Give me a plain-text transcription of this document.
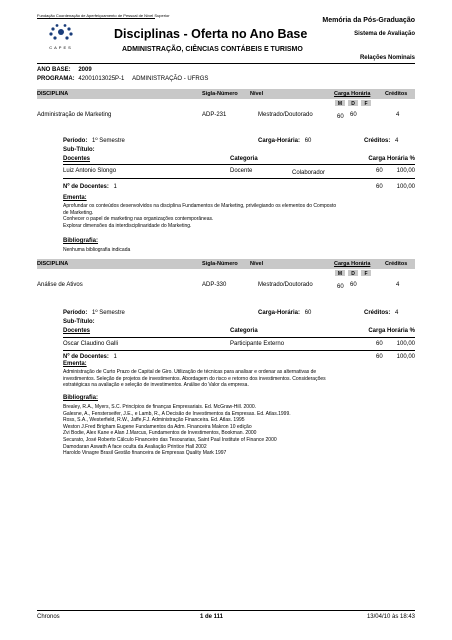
Fundação Coordenação de Aperfeiçoamento de Pessoal de Nível Superior
CAPES
Disciplinas - Oferta no Ano Base
ADMINISTRAÇÃO, CIÊNCIAS CONTÁBEIS E TURISMO
Memória da Pós-Graduação
Sistema de Avaliação
Relações Nominais
ANO BASE: 2009
PROGRAMA: 42001013025P-1 ADMINISTRAÇÃO - UFRGS
DISCIPLINA	Sigla-Número Nível	Carga Horária	Créditos
M	D	F
Administração de Marketing	ADP-231	Mestrado/Doutorado	60 60	4
Período: 1º Semestre	Carga-Horária: 60	Créditos: 4
Sub-Título:
Docentes	Categoria	Carga Horária %
Luiz Antonio Slongo	Docente	Colaborador	60 100,00
Nº de Docentes: 1	60 100,00
Ementa:
Aprofundar os conteúdos desenvolvidos na disciplina Fundamentos de Marketing, privilegiando os elementos do Composto
de Marketing.
Conhecer o papel de marketing nas organizações contemporâneas.
Explorar dimensões da interdisciplinaridade do Marketing.
Bibliografia:
Nenhuma bibliografia indicada
DISCIPLINA	Sigla-Número Nível	Carga Horária	Créditos
M	D	F
Análise de Ativos	ADP-330	Mestrado/Doutorado	60 60	4
Período: 1º Semestre	Carga-Horária: 60	Créditos: 4
Sub-Título:
Docentes	Categoria	Carga Horária %
Oscar Claudino Galli	Participante Externo	60 100,00
Nº de Docentes: 1	60 100,00
Ementa:
Administração de Curto Prazo de Capital de Giro. Utilização de técnicas para analisar e ordenar as alternativas de
investimentos. Seleção de projetos de investimentos. Abordagem do risco e retorno dos investimentos. Considerações
estratégicas na avaliação e seleção de investimentos. Análise do Valor da empresa.
Bibliografia:
Brealey, R.A., Myers, S.C. Princípios de finanças Empresariais. Ed. McGraw-Hill. 2000.
Galesne, A., Fensterseifer, J.E., e Lamb, R., A Decisão de Investimentos da Empresas. Ed. Atlas.1999.
Ross, S.A., Westerfield, R.W., Jaffe,F.J. Administração Financeira. Ed. Atlas. 1995
Weston J.Fred Brigham Eugene Fundamentos da Adm. Financeira Makron 10 edição
Zvi Bodie, Alex Kane e Alan J.Marcus, Fundamentos de Investimentos, Bookman. 2000
Securato, José Roberto Cálculo Financeiro das Tesourarias, Saint Paul Institute of Finance 2000
Damodaran Aswath A face oculta da Avaliação Printice Hall 2002
Haroldo Vinagre Brasil Gestão financeira de Empresas Quality Mark 1997
Chronos	1 de 111	13/04/10 às 18:43
